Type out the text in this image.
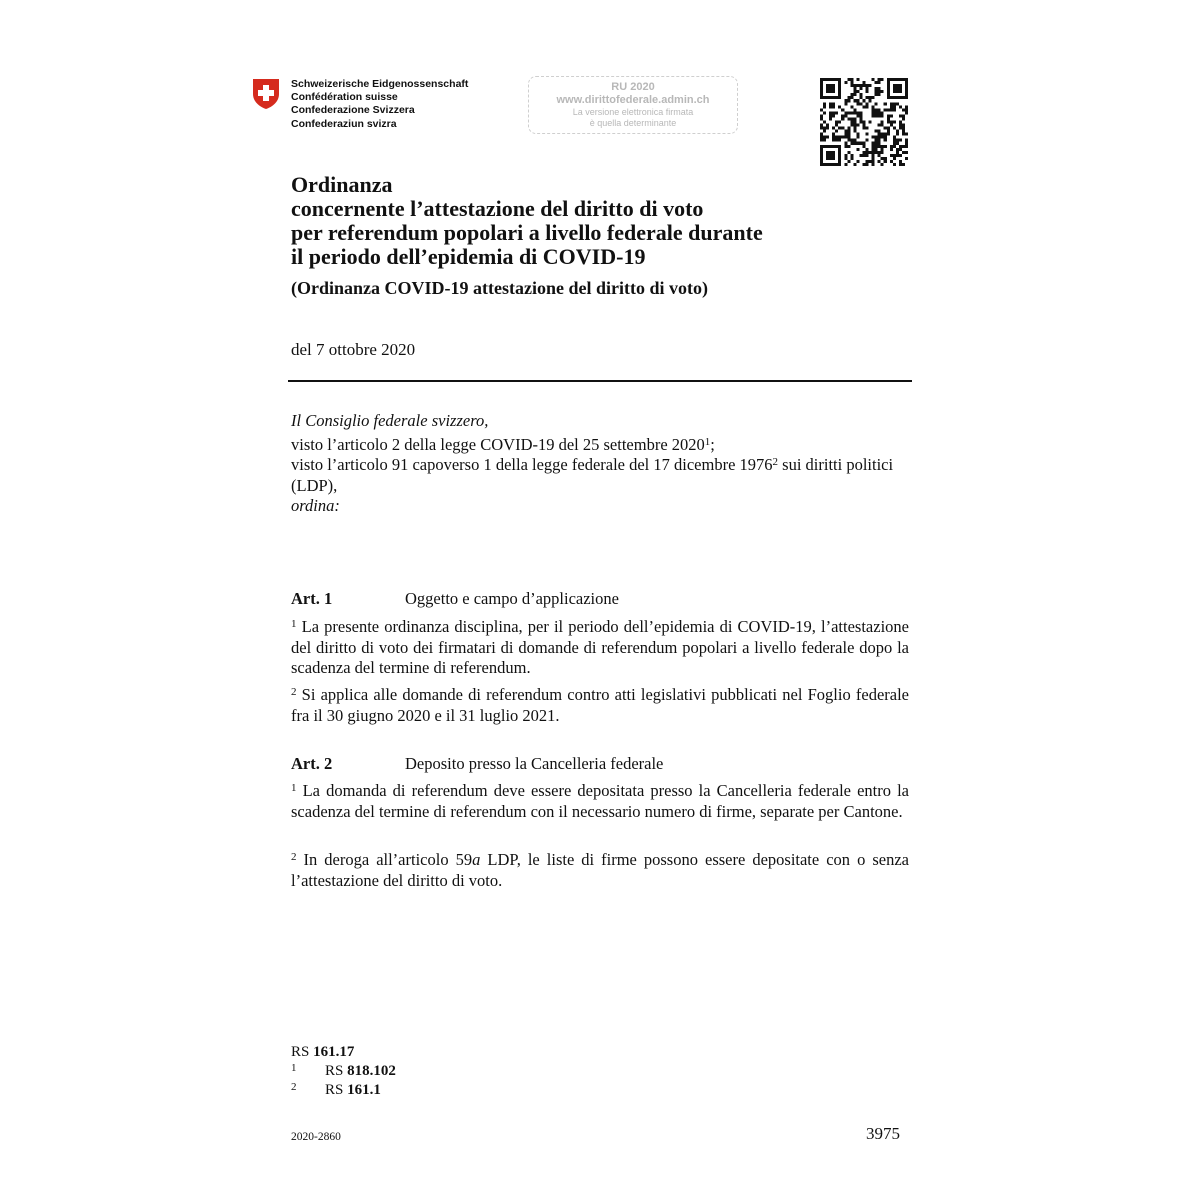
Schweizerische Eidgenossenschaft
Confédération suisse
Confederazione Svizzera
Confederaziun svizra
RU 2020
www.dirittofederale.admin.ch
La versione elettronica firmata
è quella determinante
Ordinanza
concernente l’attestazione del diritto di voto
per referendum popolari a livello federale durante
il periodo dell’epidemia di COVID-19
(Ordinanza COVID-19 attestazione del diritto di voto)
del 7 ottobre 2020
Il Consiglio federale svizzero,
visto l’articolo 2 della legge COVID-19 del 25 settembre 2020$^1$;
visto l’articolo 91 capoverso 1 della legge federale del 17 dicembre 1976$^2$ sui diritti politici (LDP),
ordina:
Art. 1	Oggetto e campo d’applicazione
$^1$ La presente ordinanza disciplina, per il periodo dell’epidemia di COVID-19, l’attestazione del diritto di voto dei firmatari di domande di referendum popolari a livello federale dopo la scadenza del termine di referendum.
$^2$ Si applica alle domande di referendum contro atti legislativi pubblicati nel Foglio federale fra il 30 giugno 2020 e il 31 luglio 2021.
Art. 2	Deposito presso la Cancelleria federale
$^1$ La domanda di referendum deve essere depositata presso la Cancelleria federale entro la scadenza del termine di referendum con il necessario numero di firme, separate per Cantone.
$^2$ In deroga all’articolo 59a LDP, le liste di firme possono essere depositate con o senza l’attestazione del diritto di voto.
RS 161.17
1 RS 818.102
2 RS 161.1
2020-2860	3975
